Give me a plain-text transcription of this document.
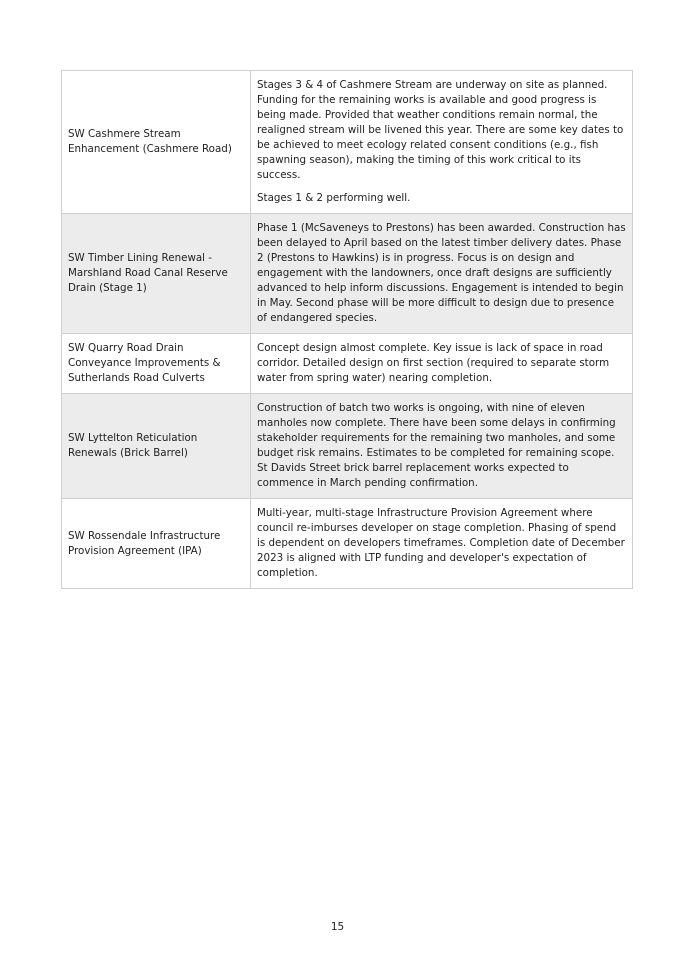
SW Cashmere Stream Enhancement (Cashmere Road)	Stages 3 & 4 of Cashmere Stream are underway on site as planned. Funding for the remaining works is available and good progress is being made. Provided that weather conditions remain normal, the realigned stream will be livened this year. There are some key dates to be achieved to meet ecology related consent conditions (e.g., fish spawning season), making the timing of this work critical to its success.

Stages 1 & 2 performing well.

SW Timber Lining Renewal - Marshland Road Canal Reserve Drain (Stage 1)	Phase 1 (McSaveneys to Prestons) has been awarded. Construction has been delayed to April based on the latest timber delivery dates. Phase 2 (Prestons to Hawkins) is in progress. Focus is on design and engagement with the landowners, once draft designs are sufficiently advanced to help inform discussions. Engagement is intended to begin in May. Second phase will be more difficult to design due to presence of endangered species.

SW Quarry Road Drain Conveyance Improvements & Sutherlands Road Culverts	Concept design almost complete. Key issue is lack of space in road corridor. Detailed design on first section (required to separate storm water from spring water) nearing completion.

SW Lyttelton Reticulation Renewals (Brick Barrel)	Construction of batch two works is ongoing, with nine of eleven manholes now complete. There have been some delays in confirming stakeholder requirements for the remaining two manholes, and some budget risk remains. Estimates to be completed for remaining scope. St Davids Street brick barrel replacement works expected to commence in March pending confirmation.

SW Rossendale Infrastructure Provision Agreement (IPA)	Multi-year, multi-stage Infrastructure Provision Agreement where council re-imburses developer on stage completion. Phasing of spend is dependent on developers timeframes. Completion date of December 2023 is aligned with LTP funding and developer's expectation of completion.

15
